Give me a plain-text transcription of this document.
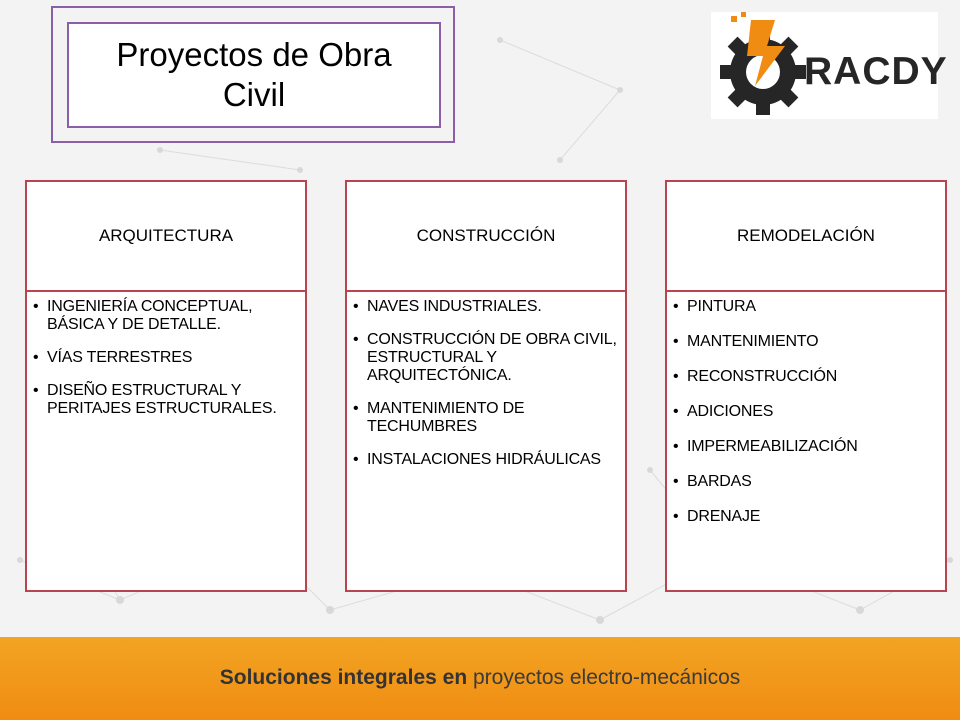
Proyectos de Obra Civil
RACDY
ARQUITECTURA
• INGENIERÍA CONCEPTUAL, BÁSICA Y DE DETALLE.
• VÍAS TERRESTRES
• DISEÑO ESTRUCTURAL Y PERITAJES ESTRUCTURALES.
CONSTRUCCIÓN
• NAVES INDUSTRIALES.
• CONSTRUCCIÓN DE OBRA CIVIL, ESTRUCTURAL Y ARQUITECTÓNICA.
• MANTENIMIENTO DE TECHUMBRES
• INSTALACIONES HIDRÁULICAS
REMODELACIÓN
• PINTURA
• MANTENIMIENTO
• RECONSTRUCCIÓN
• ADICIONES
• IMPERMEABILIZACIÓN
• BARDAS
• DRENAJE
Soluciones integrales en proyectos electro-mecánicos
